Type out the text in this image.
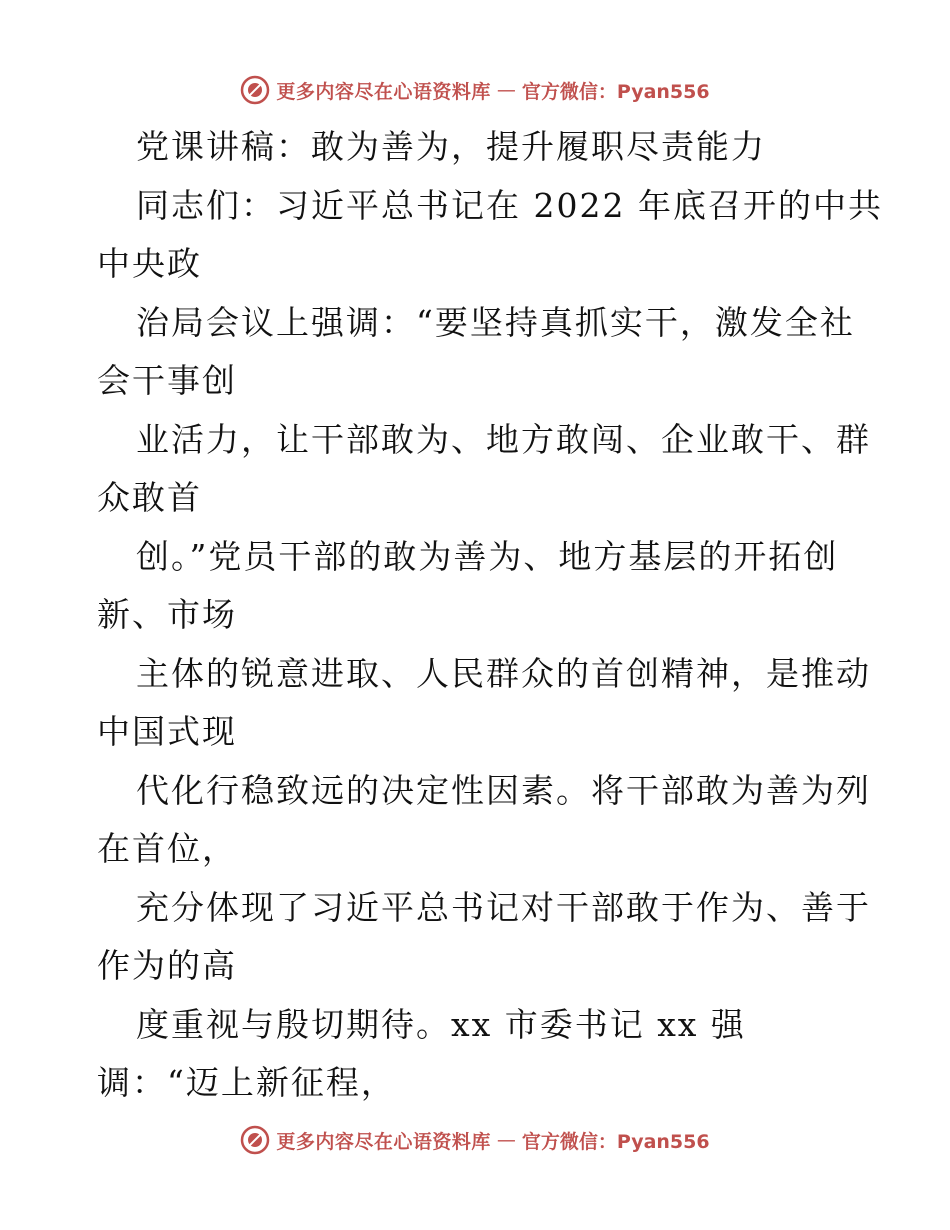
更多内容尽在心语资料库 — 官方微信：Pyan556
党课讲稿：敢为善为，提升履职尽责能力
同志们：习近平总书记在 2022 年底召开的中共
中央政
治局会议上强调：“要坚持真抓实干，激发全社
会干事创
业活力，让干部敢为、地方敢闯、企业敢干、群
众敢首
创。”党员干部的敢为善为、地方基层的开拓创
新、市场
主体的锐意进取、人民群众的首创精神，是推动
中国式现
代化行稳致远的决定性因素。将干部敢为善为列
在首位，
充分体现了习近平总书记对干部敢于作为、善于
作为的高
度重视与殷切期待。xx 市委书记 xx 强
调：“迈上新征程，
更多内容尽在心语资料库 — 官方微信：Pyan556
